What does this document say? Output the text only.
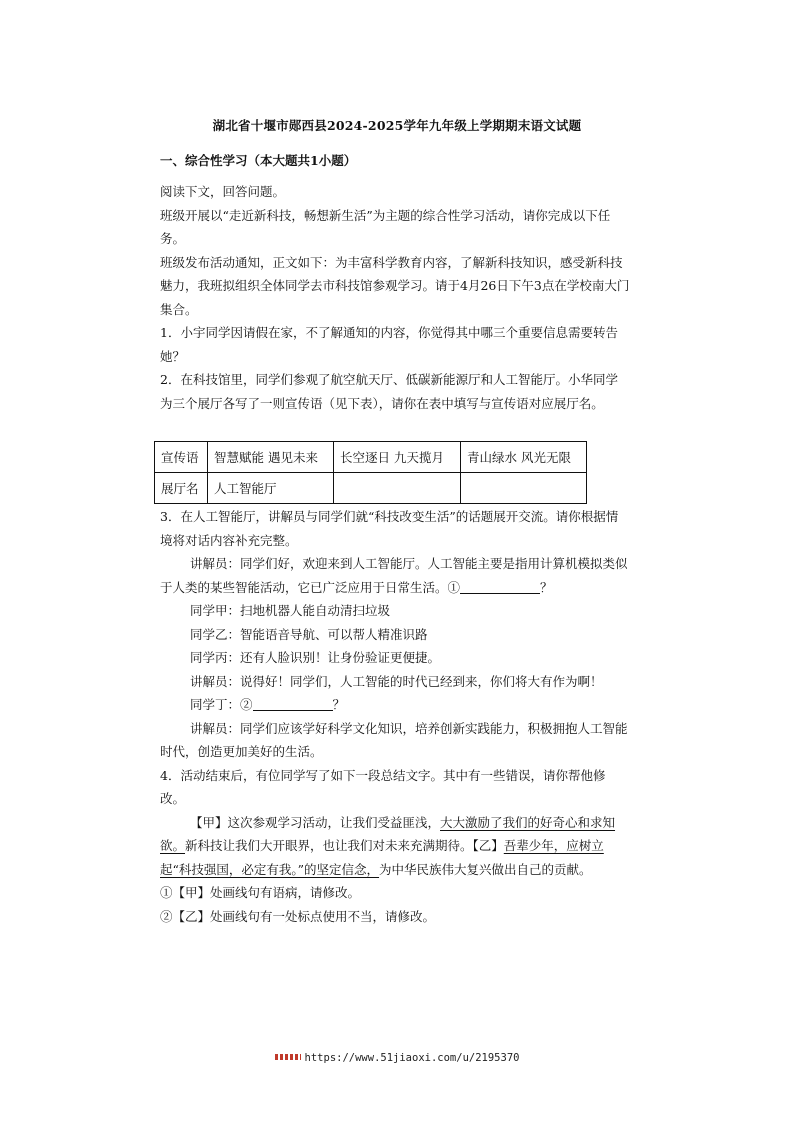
湖北省十堰市郧西县2024-2025学年九年级上学期期末语文试题
一、综合性学习（本大题共1小题）

阅读下文，回答问题。

班级开展以“走近新科技，畅想新生活”为主题的综合性学习活动，请你完成以下任务。

班级发布活动通知，正文如下：为丰富科学教育内容，了解新科技知识，感受新科技魅力，我班拟组织全体同学去市科技馆参观学习。请于4月26日下午3点在学校南大门集合。

1．小宇同学因请假在家，不了解通知的内容，你觉得其中哪三个重要信息需要转告她？

2．在科技馆里，同学们参观了航空航天厅、低碳新能源厅和人工智能厅。小华同学为三个展厅各写了一则宣传语（见下表），请你在表中填写与宣传语对应展厅名。

宣传语	智慧赋能 遇见未来	长空逐日 九天揽月	青山绿水 风光无限
展厅名	人工智能厅		

3．在人工智能厅，讲解员与同学们就“科技改变生活”的话题展开交流。请你根据情境将对话内容补充完整。

讲解员：同学们好，欢迎来到人工智能厅。人工智能主要是指用计算机模拟类似于人类的某些智能活动，它已广泛应用于日常生活。①	？

同学甲：扫地机器人能自动清扫垃圾

同学乙：智能语音导航、可以帮人精准识路

同学丙：还有人脸识别！让身份验证更便捷。

讲解员：说得好！同学们，人工智能的时代已经到来，你们将大有作为啊！

同学丁：②	？

讲解员：同学们应该学好科学文化知识，培养创新实践能力，积极拥抱人工智能时代，创造更加美好的生活。

4．活动结束后，有位同学写了如下一段总结文字。其中有一些错误，请你帮他修改。

【甲】这次参观学习活动，让我们受益匪浅，大大激励了我们的好奇心和求知欲。新科技让我们大开眼界，也让我们对未来充满期待。【乙】吾辈少年，应树立起“科技强国，必定有我。”的坚定信念，为中华民族伟大复兴做出自己的贡献。

①【甲】处画线句有语病，请修改。

②【乙】处画线句有一处标点使用不当，请修改。

https://www.51jiaoxi.com/u/2195370
